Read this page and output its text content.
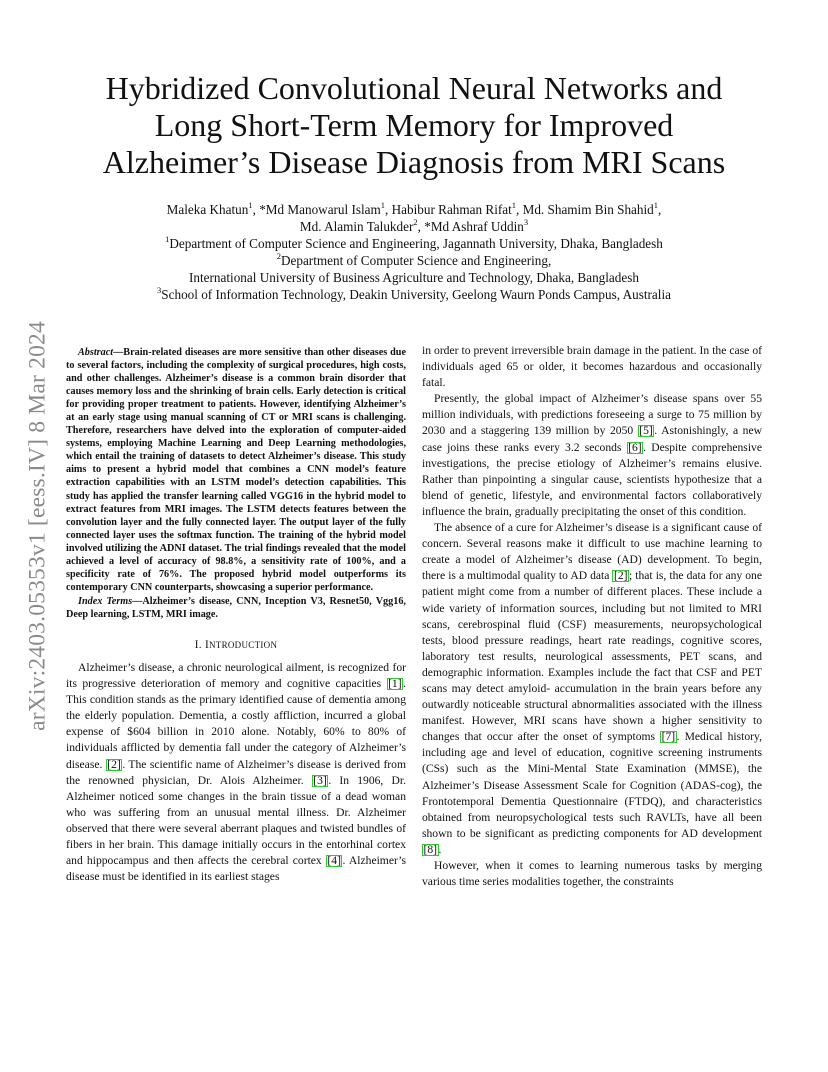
arXiv:2403.05353v1 [eess.IV] 8 Mar 2024
Hybridized Convolutional Neural Networks and
Long Short-Term Memory for Improved
Alzheimer’s Disease Diagnosis from MRI Scans
Maleka Khatun$^1$, *Md Manowarul Islam$^1$, Habibur Rahman Rifat$^1$, Md. Shamim Bin Shahid$^1$,
Md. Alamin Talukder$^2$, *Md Ashraf Uddin$^3$
$^1$Department of Computer Science and Engineering, Jagannath University, Dhaka, Bangladesh
$^2$Department of Computer Science and Engineering,
International University of Business Agriculture and Technology, Dhaka, Bangladesh
$^3$School of Information Technology, Deakin University, Geelong Waurn Ponds Campus, Australia

Abstract—Brain-related diseases are more sensitive than other diseases due to several factors, including the complexity of surgical procedures, high costs, and other challenges. Alzheimer’s disease is a common brain disorder that causes memory loss and the shrinking of brain cells. Early detection is critical for providing proper treatment to patients. However, identifying Alzheimer’s at an early stage using manual scanning of CT or MRI scans is challenging. Therefore, researchers have delved into the exploration of computer-aided systems, employing Machine Learning and Deep Learning methodologies, which entail the training of datasets to detect Alzheimer’s disease. This study aims to present a hybrid model that combines a CNN model’s feature extraction capabilities with an LSTM model’s detection capabilities. This study has applied the transfer learning called VGG16 in the hybrid model to extract features from MRI images. The LSTM detects features between the convolution layer and the fully connected layer. The output layer of the fully connected layer uses the softmax function. The training of the hybrid model involved utilizing the ADNI dataset. The trial findings revealed that the model achieved a level of accuracy of 98.8%, a sensitivity rate of 100%, and a specificity rate of 76%. The proposed hybrid model outperforms its contemporary CNN counterparts, showcasing a superior performance.

Index Terms—Alzheimer’s disease, CNN, Inception V3, Resnet50, Vgg16, Deep learning, LSTM, MRI image.

I. INTRODUCTION

Alzheimer’s disease, a chronic neurological ailment, is recognized for its progressive deterioration of memory and cognitive capacities [1] . This condition stands as the primary identified cause of dementia among the elderly population. Dementia, a costly affliction, incurred a global expense of $604 billion in 2010 alone. Notably, 60% to 80% of individuals afflicted by dementia fall under the category of Alzheimer’s disease. [2] . The scientific name of Alzheimer’s disease is derived from the renowned physician, Dr. Alois Alzheimer. [3] . In 1906, Dr. Alzheimer noticed some changes in the brain tissue of a dead woman who was suffering from an unusual mental illness. Dr. Alzheimer observed that there were several aberrant plaques and twisted bundles of fibers in her brain. This damage initially occurs in the entorhinal cortex and hippocampus and then affects the cerebral cortex [4] . Alzheimer’s disease must be identified in its earliest stages

in order to prevent irreversible brain damage in the patient. In the case of individuals aged 65 or older, it becomes hazardous and occasionally fatal.

Presently, the global impact of Alzheimer’s disease spans over 55 million individuals, with predictions foreseeing a surge to 75 million by 2030 and a staggering 139 million by 2050 [5] . Astonishingly, a new case joins these ranks every 3.2 seconds [6] . Despite comprehensive investigations, the precise etiology of Alzheimer’s remains elusive. Rather than pinpointing a singular cause, scientists hypothesize that a blend of genetic, lifestyle, and environmental factors collaboratively influence the brain, gradually precipitating the onset of this condition.

The absence of a cure for Alzheimer’s disease is a significant cause of concern. Several reasons make it difficult to use machine learning to create a model of Alzheimer’s disease (AD) development. To begin, there is a multimodal quality to AD data [2] ; that is, the data for any one patient might come from a number of different places. These include a wide variety of information sources, including but not limited to MRI scans, cerebrospinal fluid (CSF) measurements, neuropsychological tests, blood pressure readings, heart rate readings, cognitive scores, laboratory test results, neurological assessments, PET scans, and demographic information. Examples include the fact that CSF and PET scans may detect amyloid- accumulation in the brain years before any outwardly noticeable structural abnormalities associated with the illness manifest. However, MRI scans have shown a higher sensitivity to changes that occur after the onset of symptoms [7] . Medical history, including age and level of education, cognitive screening instruments (CSs) such as the Mini-Mental State Examination (MMSE), the Alzheimer’s Disease Assessment Scale for Cognition (ADAS-cog), the Frontotemporal Dementia Questionnaire (FTDQ), and characteristics obtained from neuropsychological tests such RAVLTs, have all been shown to be significant as predicting components for AD development [8] .

However, when it comes to learning numerous tasks by merging various time series modalities together, the constraints
